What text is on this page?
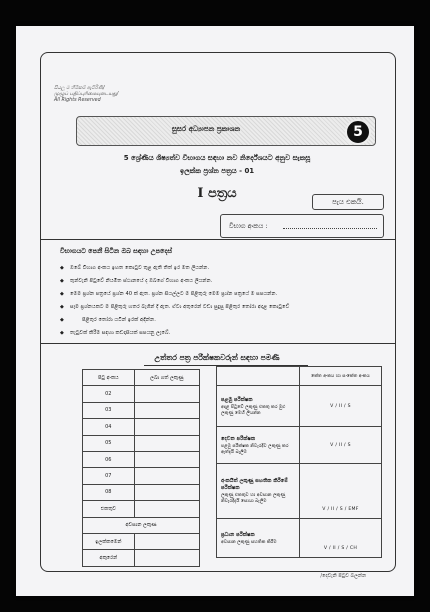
සියලු ම හිමිකම් ඇවිරිණි/
முழுப் பதிப்புரிமையுடையது/
All Rights Reserved
සුසර අධ්‍යාපන ප්‍රකාශන	5
5 ශ්‍රේණිය ශිෂ්‍යත්ව විභාගය සඳහා නව නිර්දේශයට අනුව සැකසූ
ඉලක්ක ප්‍රශ්න පත්‍රය - 01
I පත්‍රය
පැය එකයි.
විභාග අංකය :
විභාගයට පෙනී සිටින ඔබ සඳහා උපදෙස්
◆ ඔබේ විභාග අංකය ඉහත කොටුව තුළ ඇති තිත් ඉර මත ලියන්න.
◆ තුන්වැනි පිටුවේ නියමිත ස්ථානයේ ද ඔබගේ විභාග අංකය ලියන්න.
◆ මෙම ප්‍රශ්න පත්‍රයේ ප්‍රශ්න 40 ක් ඇත. ප්‍රශ්න සියල්ලට ම පිළිතුරු මෙම ප්‍රශ්න පත්‍රයේ ම සපයන්න.
◆ සෑම ප්‍රශ්නයකට ම පිළිතුරු හතර බැගින් දී ඇත. ඒවා අතුරෙන් වඩා සුදුසු පිළිතුර තෝරා අදාළ කොටුවේ
◆ පිළිතුර තෝරා යටින් ඉරක් අඳින්න.
◆ තැටුවක් කිරීම සඳහා කඩදාසියක් සපයනු ලැබේ.
උත්තර පත්‍ර පරීක්ෂකවරුන් සඳහා පමණි
පිටු අංකය	ලබා ගත් ලකුණු
02	
03	
04	
05	
06	
07	
08	
එකතුව	
අවසාන ලකුණ	
ඉලක්කමෙන්	
අකුරෙන්	
	කේත අංකය හා සංකේත අංකය

පළමු පරීක්ෂක
අදාළ පිටුවේ ලකුණු එකතු කර මුළු ලකුණු මෙහි ලියන්න	V / II / S

දෙවන පරීක්ෂක
පළමු පරීක්ෂක නිවැරදිව ලකුණු කර ඇත්දැයි බැලීම	V / II / S

අංකයිත් ලකුණු සහතික කිරීමේ පරීක්ෂක
ලකුණු එකතුව හා අවසාන ලකුණු නිවැරදිදැයි සොයා බැලීම	V / II / S / EMF

ප්‍රධාන පරීක්ෂක
අවසාන ලකුණු සහතික කිරීම	V / II / S / CH
/දෙවැනි පිටුව බලන්න
